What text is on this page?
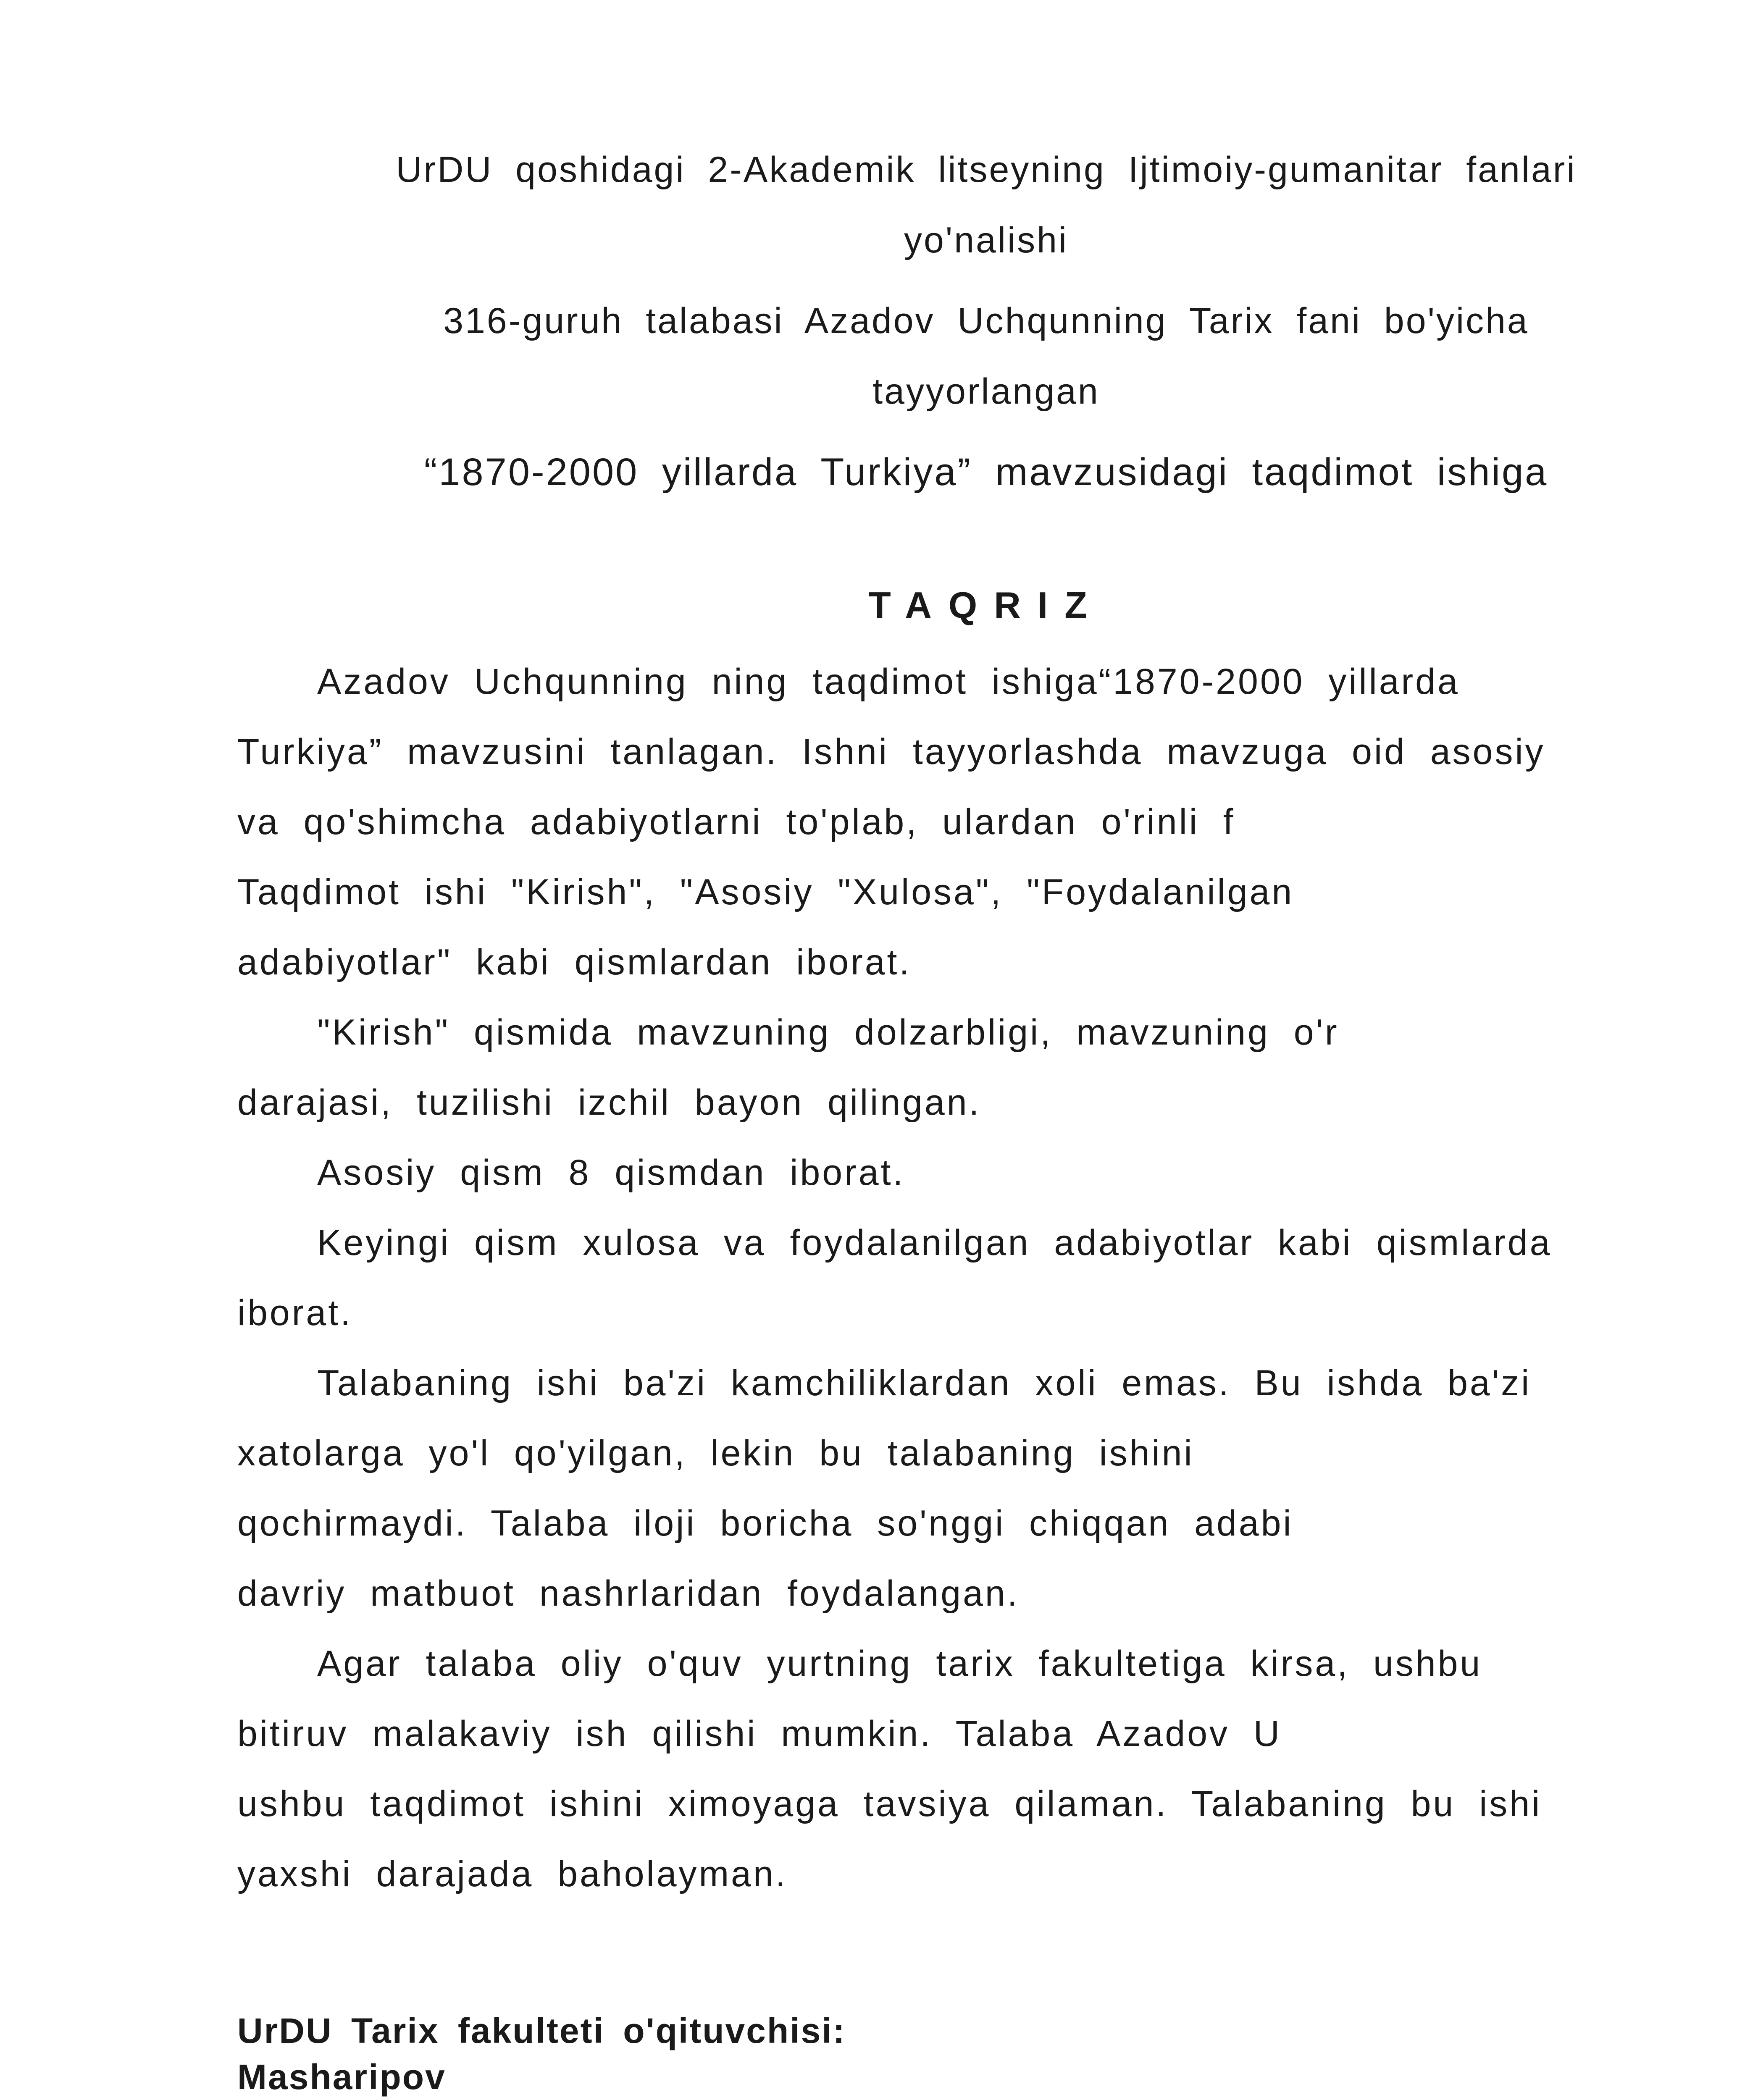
UrDU qoshidagi 2-Akademik litseyning Ijtimoiy-gumanitar fanlari
yo'nalishi
316-guruh talabasi Azadov Uchqunning Tarix fani bo'yicha
tayyorlangan
“1870-2000 yillarda Turkiya” mavzusidagi taqdimot ishiga
TAQRIZ
Azadov Uchqunning ning taqdimot ishiga“1870-2000 yillarda
Turkiya” mavzusini tanlagan. Ishni tayyorlashda mavzuga oid asosiy
va qo'shimcha adabiyotlarni to'plab, ulardan o'rinli f
Taqdimot ishi "Kirish", "Asosiy "Xulosa", "Foydalanilgan
adabiyotlar" kabi qismlardan iborat.
"Kirish" qismida mavzuning dolzarbligi, mavzuning o'r
darajasi, tuzilishi izchil bayon qilingan.
Asosiy qism 8 qismdan iborat.
Keyingi qism xulosa va foydalanilgan adabiyotlar kabi qismlarda
iborat.
Talabaning ishi ba'zi kamchiliklardan xoli emas. Bu ishda ba'zi
xatolarga yo'l qo'yilgan, lekin bu talabaning ishini
qochirmaydi. Talaba iloji boricha so'nggi chiqqan adabi
davriy matbuot nashrlaridan foydalangan.
Agar talaba oliy o'quv yurtning tarix fakultetiga kirsa, ushbu
bitiruv malakaviy ish qilishi mumkin. Talaba Azadov U
ushbu taqdimot ishini ximoyaga tavsiya qilaman. Talabaning bu ishi
yaxshi darajada baholayman.
UrDU Tarix fakulteti o'qituvchisi:
Masharipov
